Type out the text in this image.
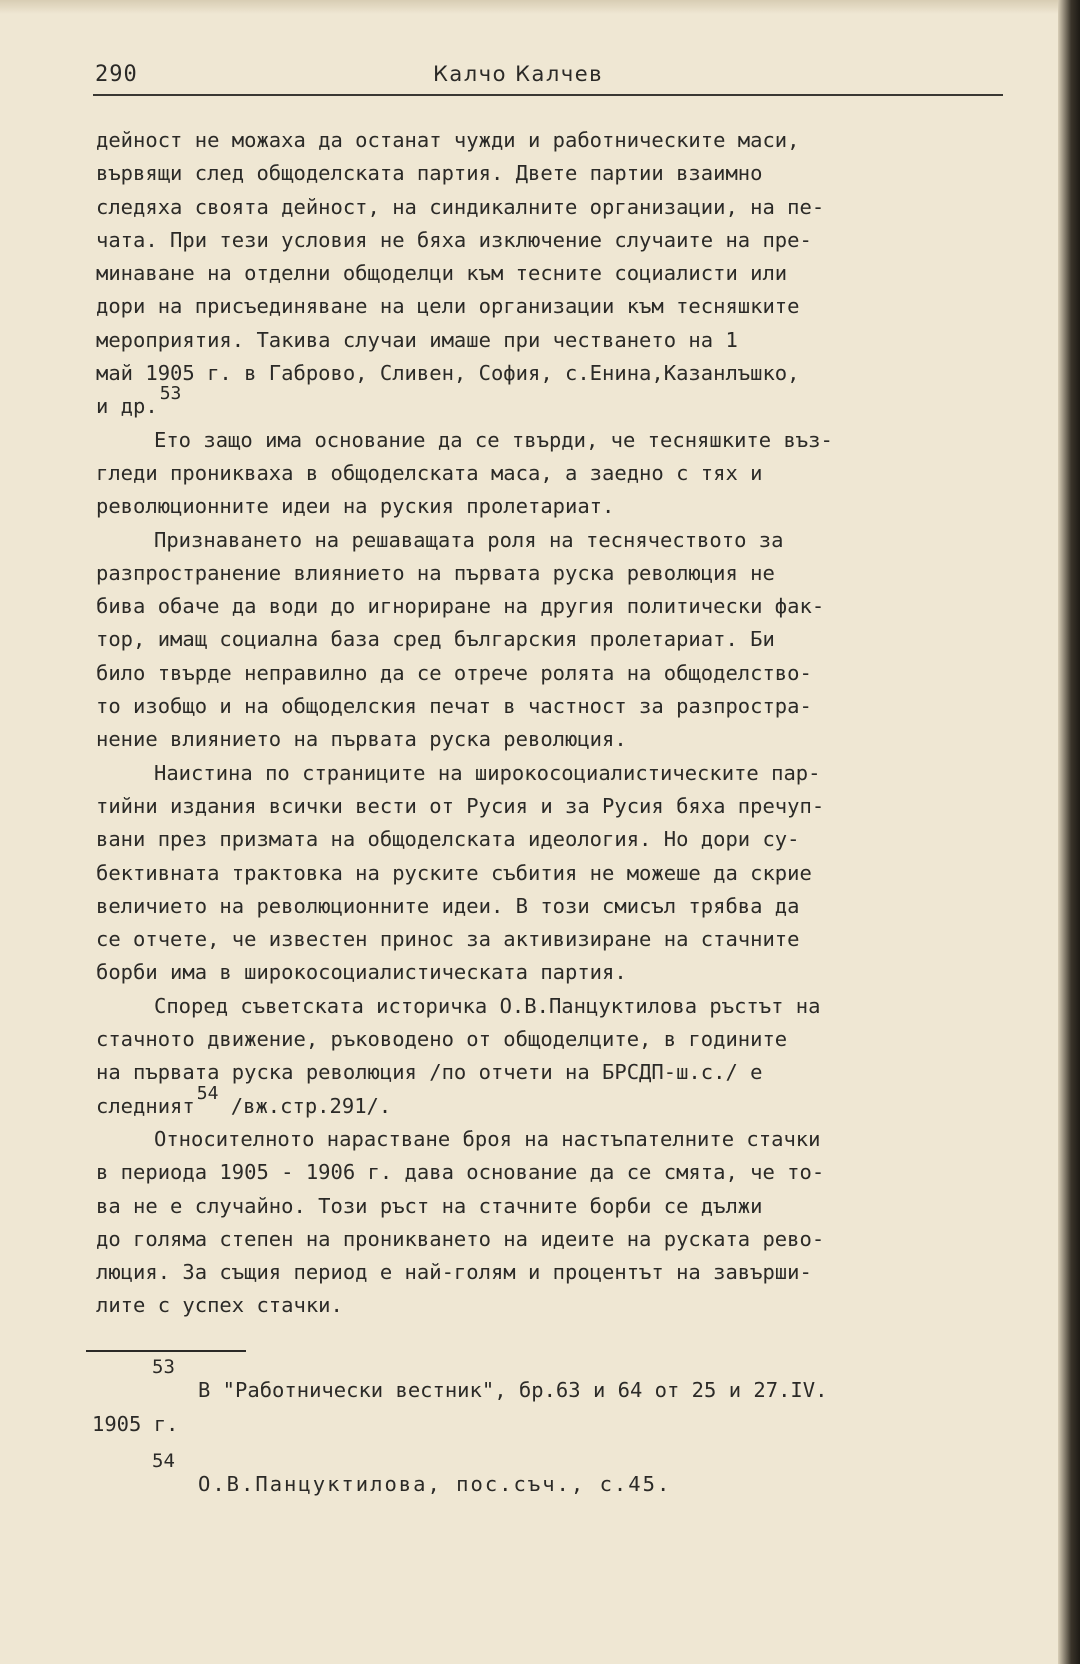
290	Калчо Калчев
дейност не можаха да останат чужди и работническите маси,
вървящи след общоделската партия. Двете партии взаимно
следяха своята дейност, на синдикалните организации, на пе-
чата. При тези условия не бяха изключение случаите на пре-
минаване на отделни общоделци към тесните социалисти или
дори на присъединяване на цели организации към тесняшките
мероприятия. Такива случаи имаше при честването на 1
май 1905 г. в Габрово, Сливен, София, с.Енина,Казанлъшко,
и др.53
Ето защо има основание да се твърди, че тесняшките въз-
гледи проникваха в общоделската маса, а заедно с тях и
революционните идеи на руския пролетариат.
Признаването на решаващата роля на теснячеството за
разпространение влиянието на първата руска революция не
бива обаче да води до игнориране на другия политически фак-
тор, имащ социална база сред българския пролетариат. Би
било твърде неправилно да се отрече ролята на общоделство-
то изобщо и на общоделския печат в частност за разпростра-
нение влиянието на първата руска революция.
Наистина по страниците на широкосоциалистическите пар-
тийни издания всички вести от Русия и за Русия бяха пречуп-
вани през призмата на общоделската идеология. Но дори су-
бективната трактовка на руските събития не можеше да скрие
величието на революционните идеи. В този смисъл трябва да
се отчете, че известен принос за активизиране на стачните
борби има в широкосоциалистическата партия.
Според съветската историчка О.В.Панцуктилова ръстът на
стачното движение, ръководено от общоделците, в годините
на първата руска революция /по отчети на БРСДП-ш.с./ е
следният54 /вж.стр.291/.
Относителното нарастване броя на настъпателните стачки
в периода 1905 - 1906 г. дава основание да се смята, че то-
ва не е случайно. Този ръст на стачните борби се дължи
до голяма степен на проникването на идеите на руската рево-
люция. За същия период е най-голям и процентът на завърши-
лите с успех стачки.
53
В "Работнически вестник", бр.63 и 64 от 25 и 27.IV.
1905 г.
54
О.В.Панцуктилова, пос.съч., с.45.
